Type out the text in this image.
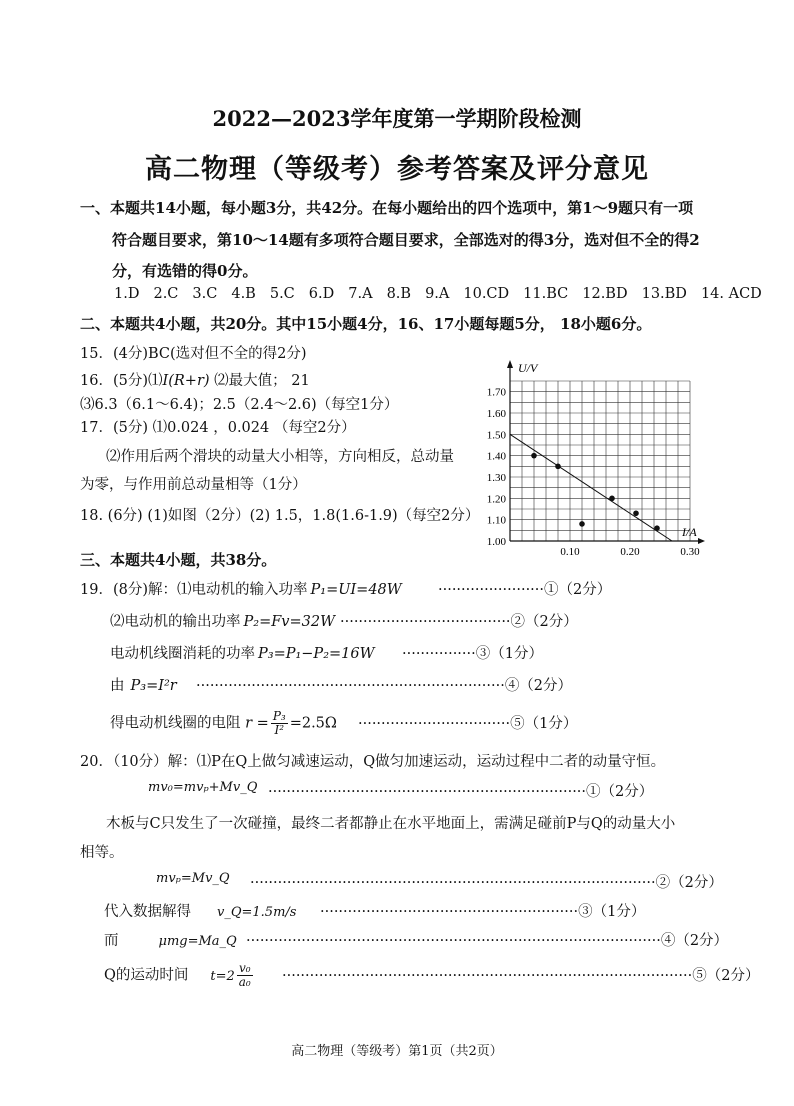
2022—2023学年度第一学期阶段检测
高二物理（等级考）参考答案及评分意见
一、本题共14小题，每小题3分，共42分。在每小题给出的四个选项中，第1～9题只有一项
符合题目要求，第10～14题有多项符合题目要求，全部选对的得3分，选对但不全的得2
分，有选错的得0分。
1.D 2.C 3.C 4.B 5.C 6.D 7.A 8.B 9.A 10.CD 11.BC 12.BD 13.BD 14. ACD
二、本题共4小题，共20分。其中15小题4分，16、17小题每题5分， 18小题6分。
15．(4分)BC(选对但不全的得2分)
16．(5分)⑴I(R+r) ⑵最大值； 21
⑶6.3（6.1～6.4)；2.5（2.4～2.6)（每空1分）
17．(5分) ⑴0.024 ，0.024 （每空2分）
⑵作用后两个滑块的动量大小相等，方向相反，总动量
为零，与作用前总动量相等（1分）
18. (6分) (1)如图（2分）(2) 1.5，1.8(1.6-1.9)（每空2分）
U/V
I/A
1.00
1.10
1.20
1.30
1.40
1.50
1.60
1.70
0.10	0.20	0.30
三、本题共4小题，共38分。
19．(8分)解：⑴电动机的输入功率 P₁=UI=48W	·······················①（2分）
⑵电动机的输出功率 P₂=Fv=32W ·····································②（2分）
电动机线圈消耗的功率 P₃=P₁−P₂=16W ················③（1分）
由 P₃=I²r ···································································④（2分）
得电动机线圈的电阻 $r = \frac{\text{P₃}}{\text{I²}} =2.5\Omega$ ·································⑤（1分）
20．（10分）解：⑴P在Q上做匀减速运动，Q做匀加速运动，运动过程中二者的动量守恒。
mv₀=mvₚ+Mv_Q ·····································································①（2分）
木板与C只发生了一次碰撞，最终二者都静止在水平地面上，需满足碰前P与Q的动量大小
相等。
mvₚ=Mv_Q ························································································②（2分）
代入数据解得 v_Q=1.5m/s ························································③（1分）
而	μmg=Ma_Q ··························································································④（2分）
Q的运动时间 $t=2 \frac{\text{v₀}}{\text{a₀}}$ ·························································································⑤（2分）
高二物理（等级考）第1页（共2页）
